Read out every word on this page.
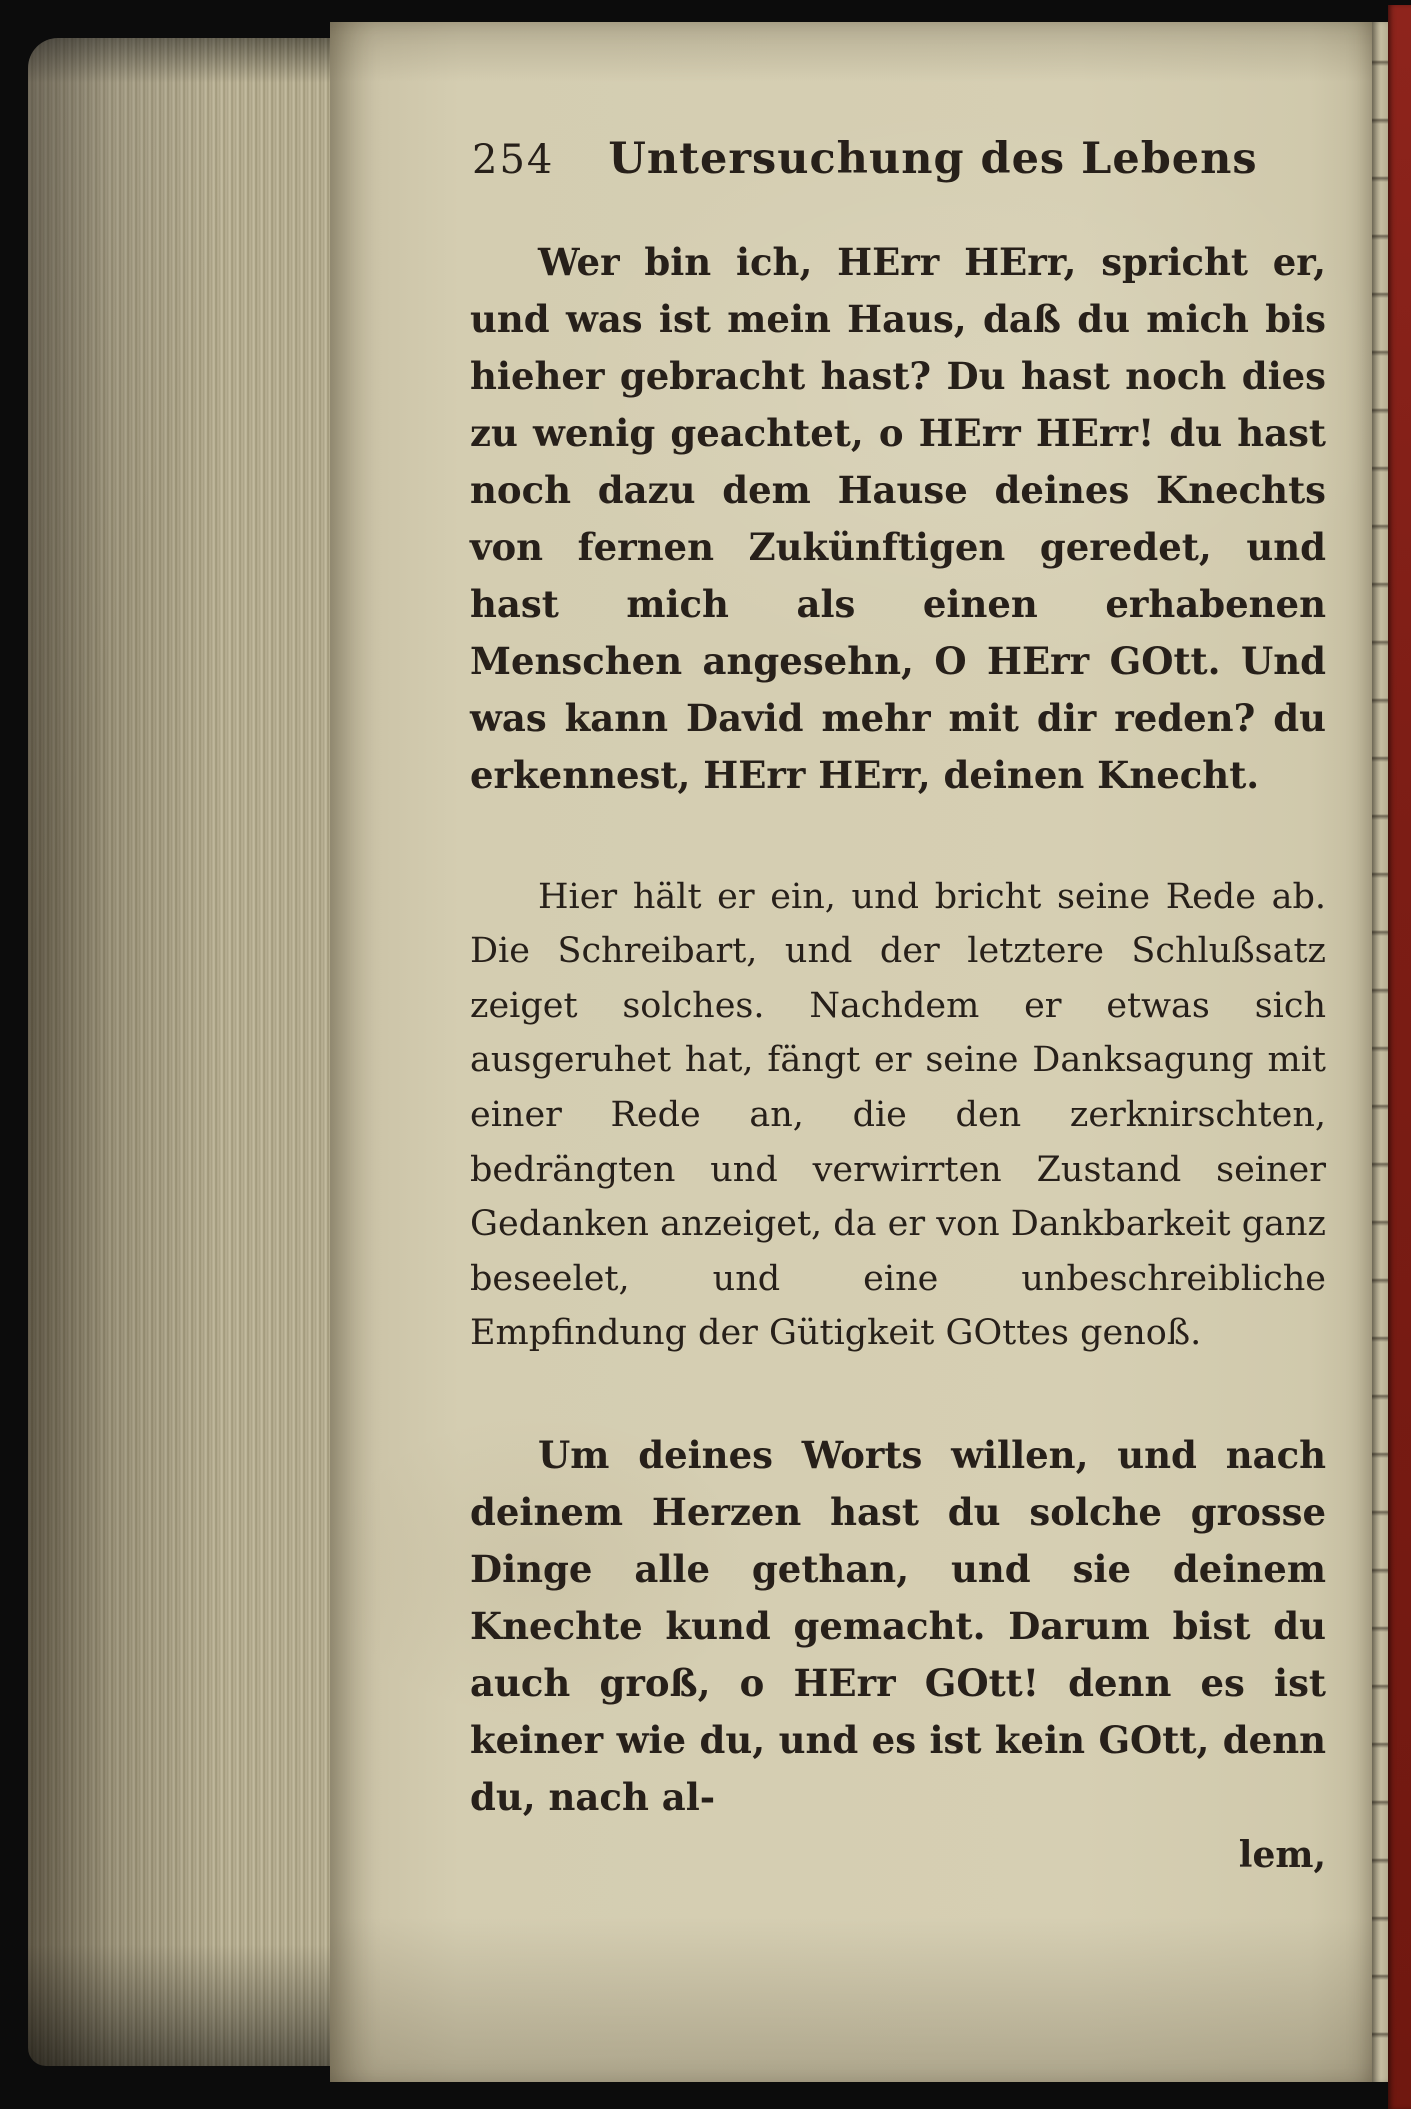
254 Untersuchung des Lebens
Wer bin ich, HErr HErr, spricht er, und was ist mein Haus, daß du mich bis hieher gebracht hast? Du hast noch dies zu wenig geachtet, o HErr HErr! du hast noch dazu dem Hause deines Knechts von fernen Zukünftigen geredet, und hast mich als einen erhabenen Menschen angesehn, O HErr GOtt. Und was kann David mehr mit dir reden? du erkennest, HErr HErr, deinen Knecht.
Hier hält er ein, und bricht seine Rede ab. Die Schreibart, und der letztere Schlußsatz zeiget solches. Nachdem er etwas sich ausgeruhet hat, fängt er seine Danksagung mit einer Rede an, die den zerknirschten, bedrängten und verwirrten Zustand seiner Gedanken anzeiget, da er von Dankbarkeit ganz beseelet, und eine unbeschreibliche Empfindung der Gütigkeit GOttes genoß.
Um deines Worts willen, und nach deinem Herzen hast du solche grosse Dinge alle gethan, und sie deinem Knechte kund gemacht. Darum bist du auch groß, o HErr GOtt! denn es ist keiner wie du, und es ist kein GOtt, denn du, nach al-
lem,
